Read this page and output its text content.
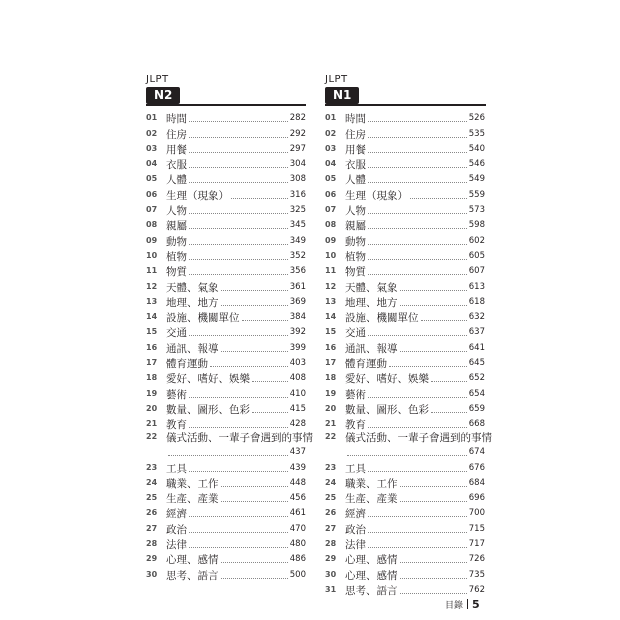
JLPT
N2
01 時間	282
02 住房	292
03 用餐	297
04 衣服	304
05 人體	308
06 生理（現象）	316
07 人物	325
08 親屬	345
09 動物	349
10 植物	352
11 物質	356
12 天體、氣象	361
13 地理、地方	369
14 設施、機關單位	384
15 交通	392
16 通訊、報導	399
17 體育運動	403
18 愛好、嗜好、娛樂	408
19 藝術	410
20 數量、圖形、色彩	415
21 教育	428
22 儀式活動、一輩子會遇到的事情
437
23 工具	439
24 職業、工作	448
25 生產、產業	456
26 經濟	461
27 政治	470
28 法律	480
29 心理、感情	486
30 思考、語言	500
JLPT
N1
01 時間	526
02 住房	535
03 用餐	540
04 衣服	546
05 人體	549
06 生理（現象）	559
07 人物	573
08 親屬	598
09 動物	602
10 植物	605
11 物質	607
12 天體、氣象	613
13 地理、地方	618
14 設施、機關單位	632
15 交通	637
16 通訊、報導	641
17 體育運動	645
18 愛好、嗜好、娛樂	652
19 藝術	654
20 數量、圖形、色彩	659
21 教育	668
22 儀式活動、一輩子會遇到的事情
674
23 工具	676
24 職業、工作	684
25 生產、產業	696
26 經濟	700
27 政治	715
28 法律	717
29 心理、感情	726
30 心理、感情	735
31 思考、語言	762
目錄 5
